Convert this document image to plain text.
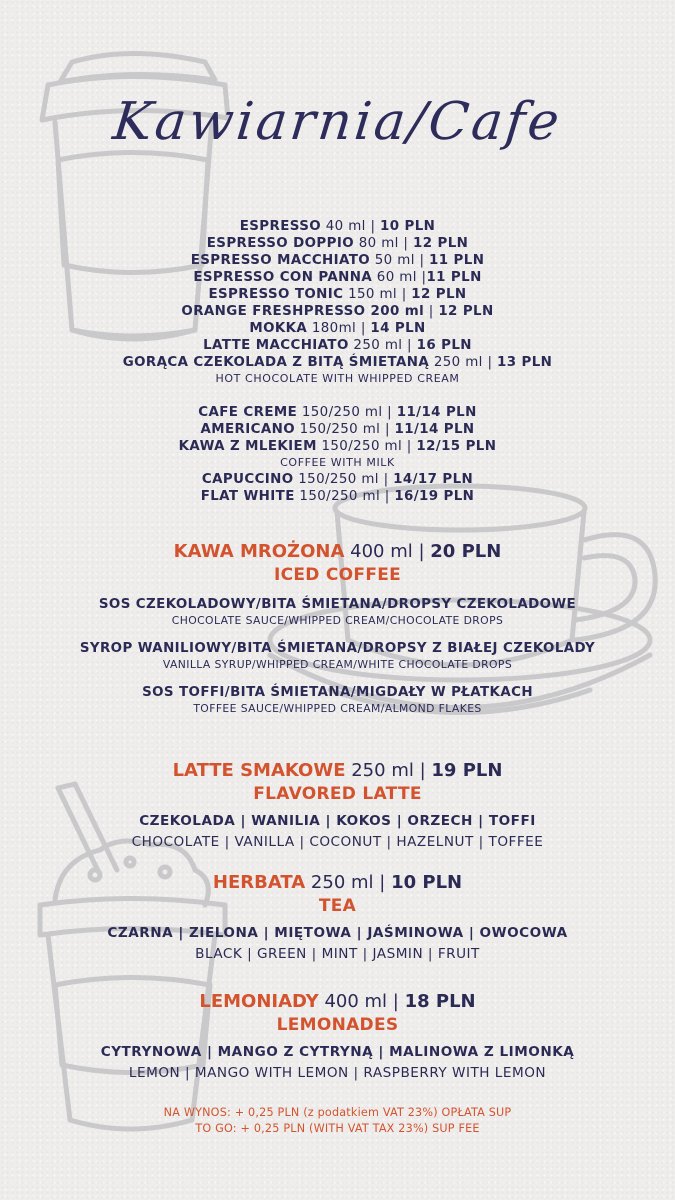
Kawiarnia/Cafe
ESPRESSO 40 ml | 10 PLN
ESPRESSO DOPPIO 80 ml | 12 PLN
ESPRESSO MACCHIATO 50 ml | 11 PLN
ESPRESSO CON PANNA 60 ml |11 PLN
ESPRESSO TONIC 150 ml | 12 PLN
ORANGE FRESHPRESSO 200 ml | 12 PLN
MOKKA 180ml | 14 PLN
LATTE MACCHIATO 250 ml | 16 PLN
GORĄCA CZEKOLADA Z BITĄ ŚMIETANĄ 250 ml | 13 PLN
HOT CHOCOLATE WITH WHIPPED CREAM
CAFE CREME 150/250 ml | 11/14 PLN
AMERICANO 150/250 ml | 11/14 PLN
KAWA Z MLEKIEM 150/250 ml | 12/15 PLN
COFFEE WITH MILK
CAPUCCINO 150/250 ml | 14/17 PLN
FLAT WHITE 150/250 ml | 16/19 PLN
KAWA MROŻONA 400 ml | 20 PLN
ICED COFFEE
SOS CZEKOLADOWY/BITA ŚMIETANA/DROPSY CZEKOLADOWE
CHOCOLATE SAUCE/WHIPPED CREAM/CHOCOLATE DROPS
SYROP WANILIOWY/BITA ŚMIETANA/DROPSY Z BIAŁEJ CZEKOLADY
VANILLA SYRUP/WHIPPED CREAM/WHITE CHOCOLATE DROPS
SOS TOFFI/BITA ŚMIETANA/MIGDAŁY W PŁATKACH
TOFFEE SAUCE/WHIPPED CREAM/ALMOND FLAKES
LATTE SMAKOWE 250 ml | 19 PLN
FLAVORED LATTE
CZEKOLADA | WANILIA | KOKOS | ORZECH | TOFFI
CHOCOLATE | VANILLA | COCONUT | HAZELNUT | TOFFEE
HERBATA 250 ml | 10 PLN
TEA
CZARNA | ZIELONA | MIĘTOWA | JAŚMINOWA | OWOCOWA
BLACK | GREEN | MINT | JASMIN | FRUIT
LEMONIADY 400 ml | 18 PLN
LEMONADES
CYTRYNOWA | MANGO Z CYTRYNĄ | MALINOWA Z LIMONKĄ
LEMON | MANGO WITH LEMON | RASPBERRY WITH LEMON
NA WYNOS: + 0,25 PLN (z podatkiem VAT 23%) OPŁATA SUP
TO GO: + 0,25 PLN (WITH VAT TAX 23%) SUP FEE
